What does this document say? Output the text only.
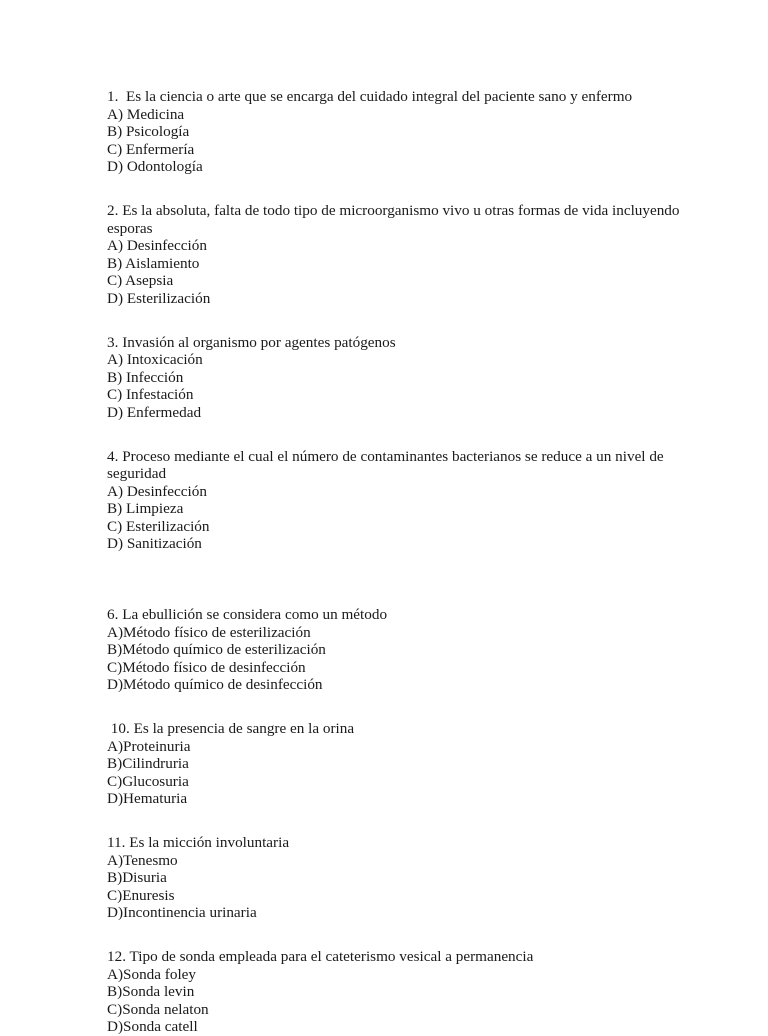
1.  Es la ciencia o arte que se encarga del cuidado integral del paciente sano y enfermo

A) Medicina
B) Psicología
C) Enfermería
D) Odontología

2. Es la absoluta, falta de todo tipo de microorganismo vivo u otras formas de vida incluyendo  esporas

A) Desinfección
B) Aislamiento
C) Asepsia
D) Esterilización

3. Invasión al organismo por agentes patógenos

A) Intoxicación
B) Infección
C) Infestación
D) Enfermedad

4. Proceso mediante el cual el número de contaminantes bacterianos se reduce a un nivel de  seguridad

A) Desinfección
B) Limpieza
C) Esterilización
D) Sanitización

6. La ebullición se considera como un método

A)Método físico de esterilización
B)Método químico de esterilización
C)Método físico de desinfección
D)Método químico de desinfección

10. Es la presencia de sangre en la orina

A)Proteinuria
B)Cilindruria
C)Glucosuria
D)Hematuria

11. Es la micción involuntaria

A)Tenesmo
B)Disuria
C)Enuresis
D)Incontinencia urinaria

12. Tipo de sonda empleada para el cateterismo vesical a permanencia

A)Sonda foley
B)Sonda levin
C)Sonda nelaton
D)Sonda catell
